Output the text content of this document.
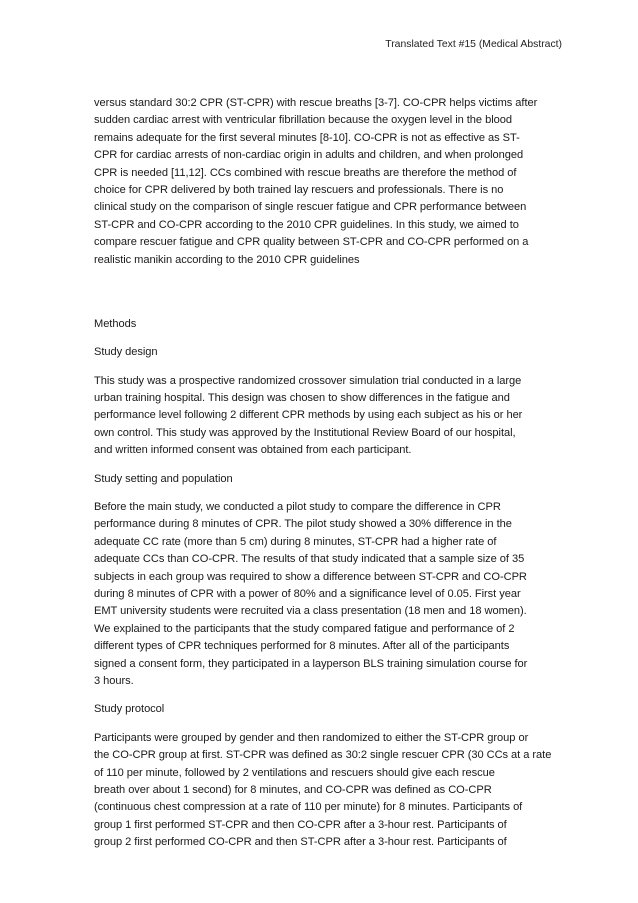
Translated Text #15 (Medical Abstract)
versus standard 30:2 CPR (ST-CPR) with rescue breaths [3-7]. CO-CPR helps victims after
sudden cardiac arrest with ventricular fibrillation because the oxygen level in the blood
remains adequate for the first several minutes [8-10]. CO-CPR is not as effective as ST-
CPR for cardiac arrests of non-cardiac origin in adults and children, and when prolonged
CPR is needed [11,12]. CCs combined with rescue breaths are therefore the method of
choice for CPR delivered by both trained lay rescuers and professionals. There is no
clinical study on the comparison of single rescuer fatigue and CPR performance between
ST-CPR and CO-CPR according to the 2010 CPR guidelines. In this study, we aimed to
compare rescuer fatigue and CPR quality between ST-CPR and CO-CPR performed on a
realistic manikin according to the 2010 CPR guidelines
Methods
Study design
This study was a prospective randomized crossover simulation trial conducted in a large
urban training hospital. This design was chosen to show differences in the fatigue and
performance level following 2 different CPR methods by using each subject as his or her
own control. This study was approved by the Institutional Review Board of our hospital,
and written informed consent was obtained from each participant.
Study setting and population
Before the main study, we conducted a pilot study to compare the difference in CPR
performance during 8 minutes of CPR. The pilot study showed a 30% difference in the
adequate CC rate (more than 5 cm) during 8 minutes, ST-CPR had a higher rate of
adequate CCs than CO-CPR. The results of that study indicated that a sample size of 35
subjects in each group was required to show a difference between ST-CPR and CO-CPR
during 8 minutes of CPR with a power of 80% and a significance level of 0.05. First year
EMT university students were recruited via a class presentation (18 men and 18 women).
We explained to the participants that the study compared fatigue and performance of 2
different types of CPR techniques performed for 8 minutes. After all of the participants
signed a consent form, they participated in a layperson BLS training simulation course for
3 hours.
Study protocol
Participants were grouped by gender and then randomized to either the ST-CPR group or
the CO-CPR group at first. ST-CPR was defined as 30:2 single rescuer CPR (30 CCs at a rate
of 110 per minute, followed by 2 ventilations and rescuers should give each rescue
breath over about 1 second) for 8 minutes, and CO-CPR was defined as CO-CPR
(continuous chest compression at a rate of 110 per minute) for 8 minutes. Participants of
group 1 first performed ST-CPR and then CO-CPR after a 3-hour rest. Participants of
group 2 first performed CO-CPR and then ST-CPR after a 3-hour rest. Participants of
